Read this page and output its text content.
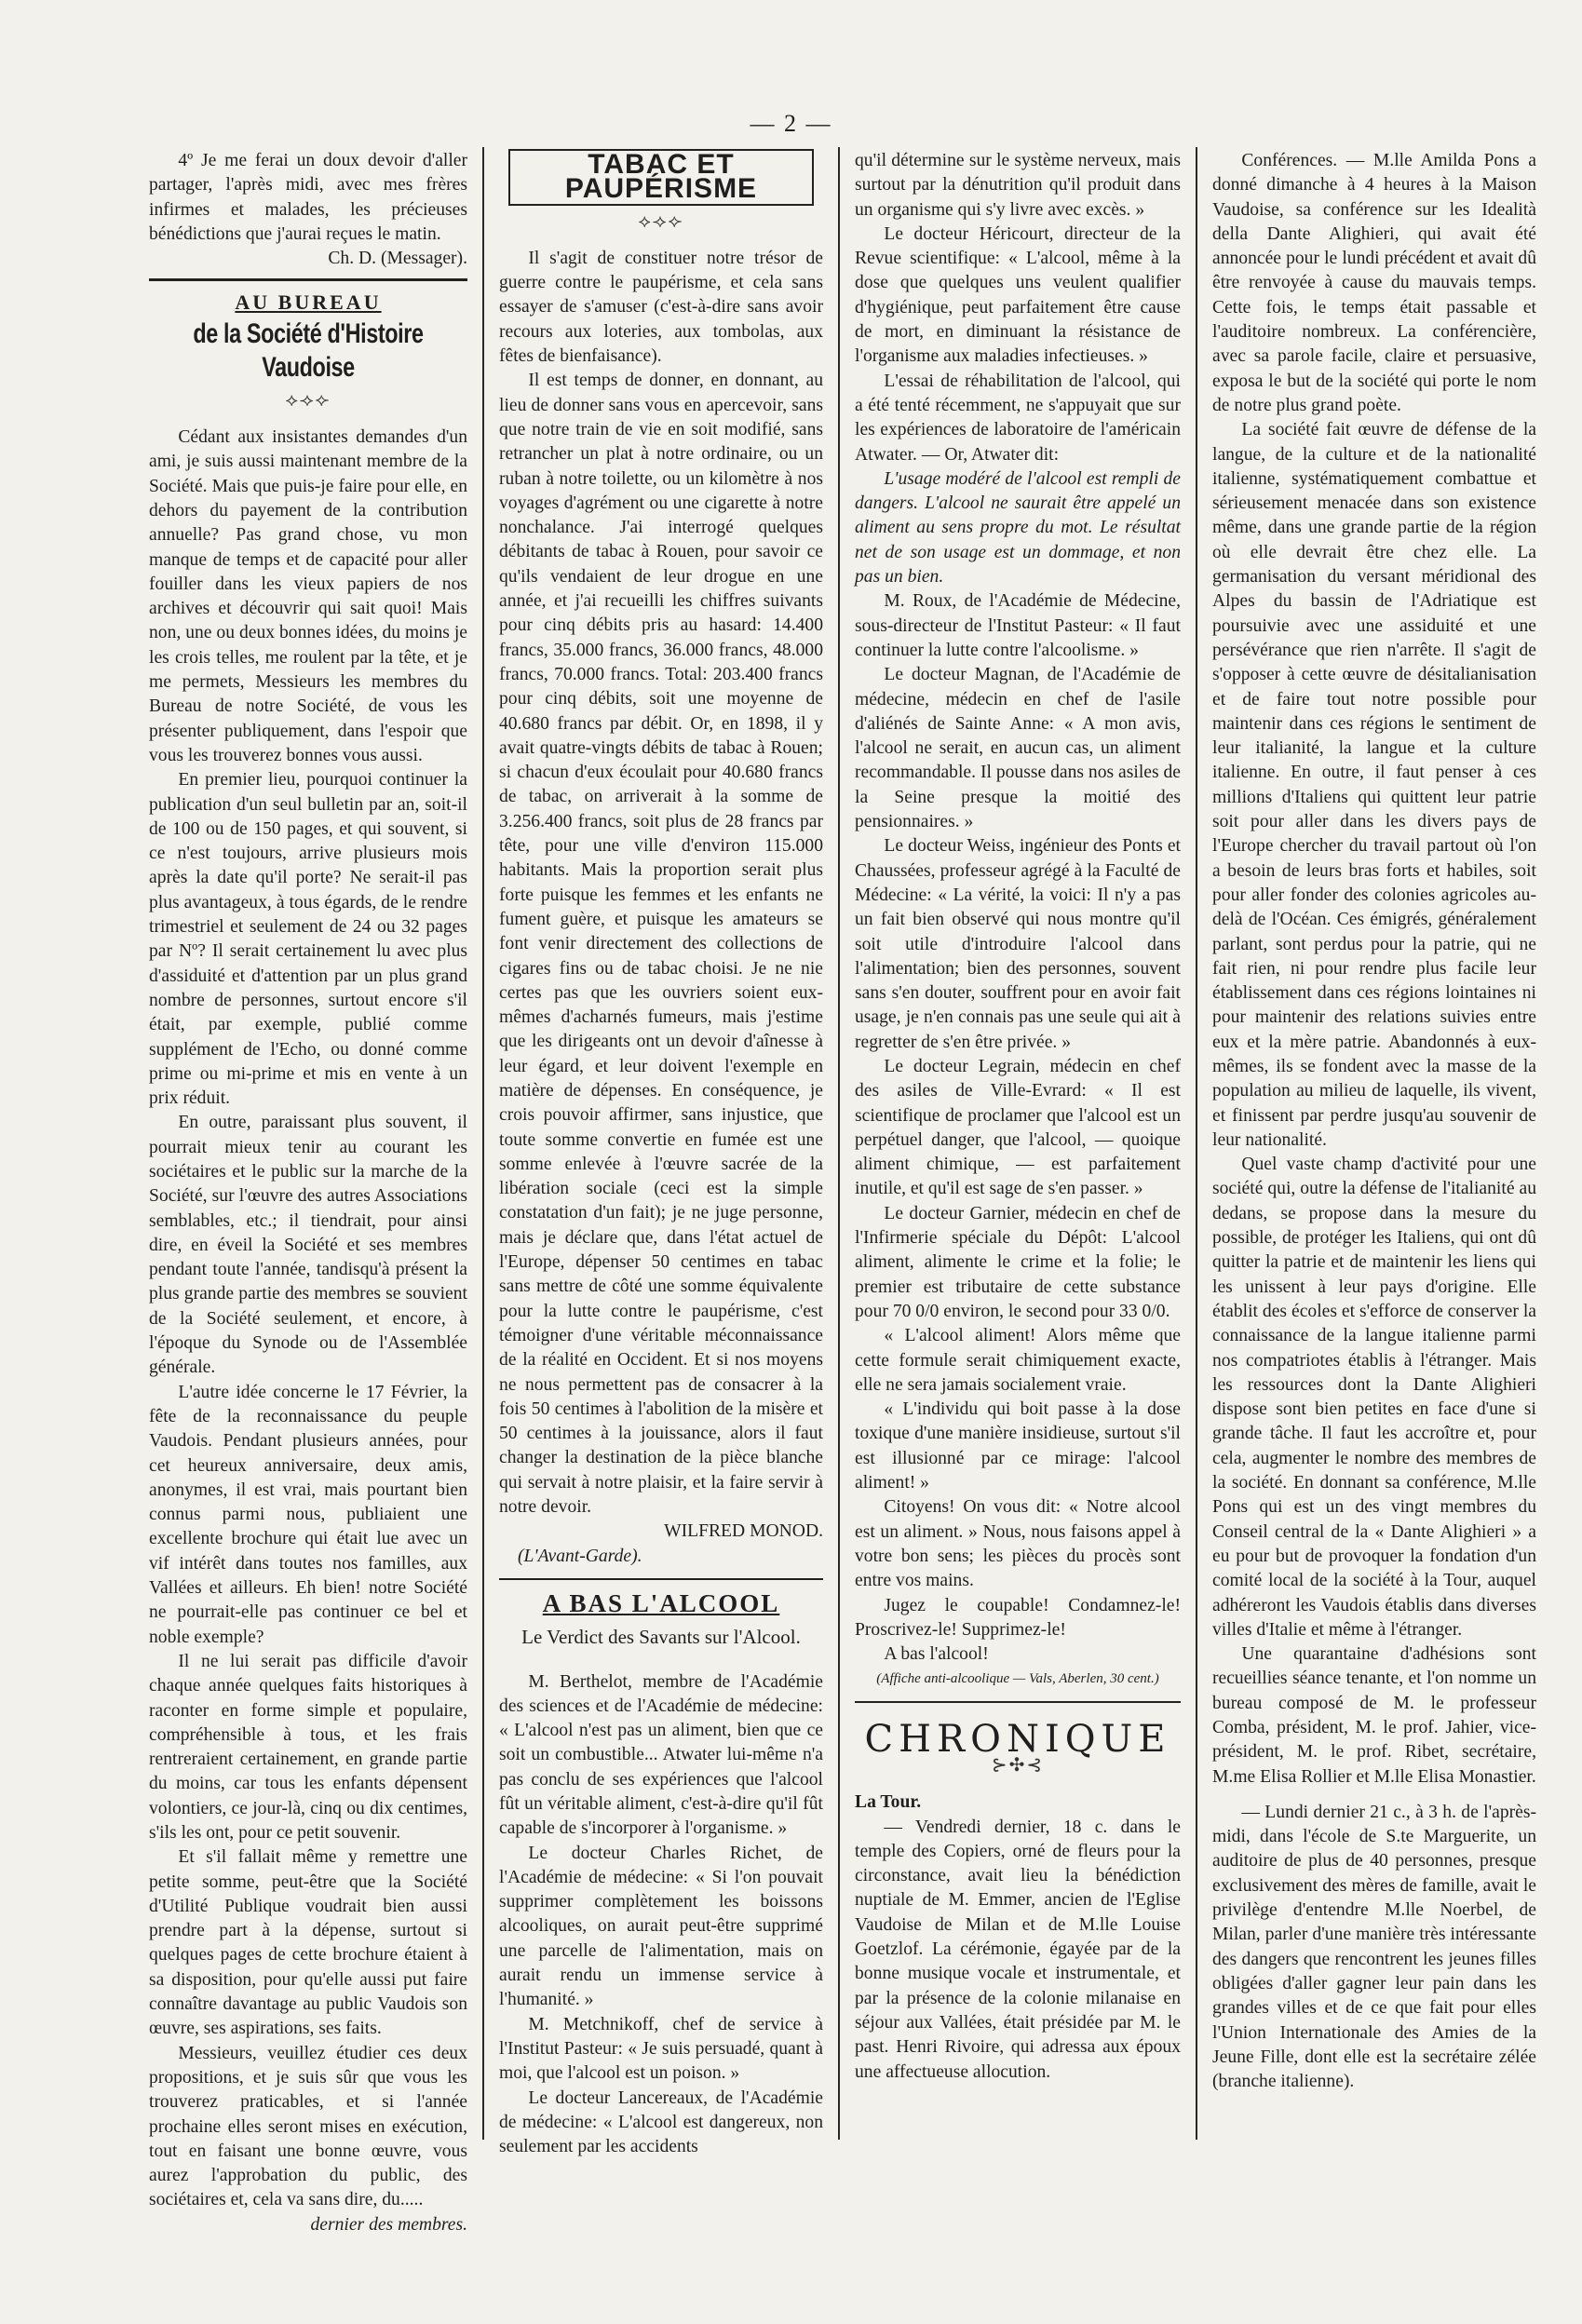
— 2 —

4º Je me ferai un doux devoir d'aller partager, l'après midi, avec mes frères infirmes et malades, les précieuses bénédictions que j'aurai reçues le matin.

Ch. D. (Messager).

AU BUREAU
de la Société d'Histoire Vaudoise
⟡⟢⟣

Cédant aux insistantes demandes d'un ami, je suis aussi maintenant membre de la Société. Mais que puis-je faire pour elle, en dehors du payement de la contribution annuelle? Pas grand chose, vu mon manque de temps et de capacité pour aller fouiller dans les vieux papiers de nos archives et découvrir qui sait quoi! Mais non, une ou deux bonnes idées, du moins je les crois telles, me roulent par la tête, et je me permets, Messieurs les membres du Bureau de notre Société, de vous les présenter publiquement, dans l'espoir que vous les trouverez bonnes vous aussi.

En premier lieu, pourquoi continuer la publication d'un seul bulletin par an, soit-il de 100 ou de 150 pages, et qui souvent, si ce n'est toujours, arrive plusieurs mois après la date qu'il porte? Ne serait-il pas plus avantageux, à tous égards, de le rendre trimestriel et seulement de 24 ou 32 pages par Nº? Il serait certainement lu avec plus d'assiduité et d'attention par un plus grand nombre de personnes, surtout encore s'il était, par exemple, publié comme supplément de l'Echo, ou donné comme prime ou mi-prime et mis en vente à un prix réduit.

En outre, paraissant plus souvent, il pourrait mieux tenir au courant les sociétaires et le public sur la marche de la Société, sur l'œuvre des autres Associations semblables, etc.; il tiendrait, pour ainsi dire, en éveil la Société et ses membres pendant toute l'année, tandisqu'à présent la plus grande partie des membres se souvient de la Société seulement, et encore, à l'époque du Synode ou de l'Assemblée générale.

L'autre idée concerne le 17 Février, la fête de la reconnaissance du peuple Vaudois. Pendant plusieurs années, pour cet heureux anniversaire, deux amis, anonymes, il est vrai, mais pourtant bien connus parmi nous, publiaient une excellente brochure qui était lue avec un vif intérêt dans toutes nos familles, aux Vallées et ailleurs. Eh bien! notre Société ne pourrait-elle pas continuer ce bel et noble exemple?

Il ne lui serait pas difficile d'avoir chaque année quelques faits historiques à raconter en forme simple et populaire, compréhensible à tous, et les frais rentreraient certainement, en grande partie du moins, car tous les enfants dépensent volontiers, ce jour-là, cinq ou dix centimes, s'ils les ont, pour ce petit souvenir.

Et s'il fallait même y remettre une petite somme, peut-être que la Société d'Utilité Publique voudrait bien aussi prendre part à la dépense, surtout si quelques pages de cette brochure étaient à sa disposition, pour qu'elle aussi put faire connaître davantage au public Vaudois son œuvre, ses aspirations, ses faits.

Messieurs, veuillez étudier ces deux propositions, et je suis sûr que vous les trouverez praticables, et si l'année prochaine elles seront mises en exécution, tout en faisant une bonne œuvre, vous aurez l'approbation du public, des sociétaires et, cela va sans dire, du.....

dernier des membres.

TABAC ET PAUPÉRISME
⟡⟢⟣

Il s'agit de constituer notre trésor de guerre contre le paupérisme, et cela sans essayer de s'amuser (c'est-à-dire sans avoir recours aux loteries, aux tombolas, aux fêtes de bienfaisance).

Il est temps de donner, en donnant, au lieu de donner sans vous en apercevoir, sans que notre train de vie en soit modifié, sans retrancher un plat à notre ordinaire, ou un ruban à notre toilette, ou un kilomètre à nos voyages d'agrément ou une cigarette à notre nonchalance. J'ai interrogé quelques débitants de tabac à Rouen, pour savoir ce qu'ils vendaient de leur drogue en une année, et j'ai recueilli les chiffres suivants pour cinq débits pris au hasard: 14.400 francs, 35.000 francs, 36.000 francs, 48.000 francs, 70.000 francs. Total: 203.400 francs pour cinq débits, soit une moyenne de 40.680 francs par débit. Or, en 1898, il y avait quatre-vingts débits de tabac à Rouen; si chacun d'eux écoulait pour 40.680 francs de tabac, on arriverait à la somme de 3.256.400 francs, soit plus de 28 francs par tête, pour une ville d'environ 115.000 habitants. Mais la proportion serait plus forte puisque les femmes et les enfants ne fument guère, et puisque les amateurs se font venir directement des collections de cigares fins ou de tabac choisi. Je ne nie certes pas que les ouvriers soient eux-mêmes d'acharnés fumeurs, mais j'estime que les dirigeants ont un devoir d'aînesse à leur égard, et leur doivent l'exemple en matière de dépenses. En conséquence, je crois pouvoir affirmer, sans injustice, que toute somme convertie en fumée est une somme enlevée à l'œuvre sacrée de la libération sociale (ceci est la simple constatation d'un fait); je ne juge personne, mais je déclare que, dans l'état actuel de l'Europe, dépenser 50 centimes en tabac sans mettre de côté une somme équivalente pour la lutte contre le paupérisme, c'est témoigner d'une véritable méconnaissance de la réalité en Occident. Et si nos moyens ne nous permettent pas de consacrer à la fois 50 centimes à l'abolition de la misère et 50 centimes à la jouissance, alors il faut changer la destination de la pièce blanche qui servait à notre plaisir, et la faire servir à notre devoir.

WILFRED MONOD.

(L'Avant-Garde).

A BAS L'ALCOOL
Le Verdict des Savants sur l'Alcool.

M. Berthelot, membre de l'Académie des sciences et de l'Académie de médecine: « L'alcool n'est pas un aliment, bien que ce soit un combustible... Atwater lui-même n'a pas conclu de ses expériences que l'alcool fût un véritable aliment, c'est-à-dire qu'il fût capable de s'incorporer à l'organisme. »

Le docteur Charles Richet, de l'Académie de médecine: « Si l'on pouvait supprimer complètement les boissons alcooliques, on aurait peut-être supprimé une parcelle de l'alimentation, mais on aurait rendu un immense service à l'humanité. »

M. Metchnikoff, chef de service à l'Institut Pasteur: « Je suis persuadé, quant à moi, que l'alcool est un poison. »

Le docteur Lancereaux, de l'Académie de médecine: « L'alcool est dangereux, non seulement par les accidents

qu'il détermine sur le système nerveux, mais surtout par la dénutrition qu'il produit dans un organisme qui s'y livre avec excès. »

Le docteur Héricourt, directeur de la Revue scientifique: « L'alcool, même à la dose que quelques uns veulent qualifier d'hygiénique, peut parfaitement être cause de mort, en diminuant la résistance de l'organisme aux maladies infectieuses. »

L'essai de réhabilitation de l'alcool, qui a été tenté récemment, ne s'appuyait que sur les expériences de laboratoire de l'américain Atwater. — Or, Atwater dit:

L'usage modéré de l'alcool est rempli de dangers. L'alcool ne saurait être appelé un aliment au sens propre du mot. Le résultat net de son usage est un dommage, et non pas un bien.

M. Roux, de l'Académie de Médecine, sous-directeur de l'Institut Pasteur: « Il faut continuer la lutte contre l'alcoolisme. »

Le docteur Magnan, de l'Académie de médecine, médecin en chef de l'asile d'aliénés de Sainte Anne: « A mon avis, l'alcool ne serait, en aucun cas, un aliment recommandable. Il pousse dans nos asiles de la Seine presque la moitié des pensionnaires. »

Le docteur Weiss, ingénieur des Ponts et Chaussées, professeur agrégé à la Faculté de Médecine: « La vérité, la voici: Il n'y a pas un fait bien observé qui nous montre qu'il soit utile d'introduire l'alcool dans l'alimentation; bien des personnes, souvent sans s'en douter, souffrent pour en avoir fait usage, je n'en connais pas une seule qui ait à regretter de s'en être privée. »

Le docteur Legrain, médecin en chef des asiles de Ville-Evrard: « Il est scientifique de proclamer que l'alcool est un perpétuel danger, que l'alcool, — quoique aliment chimique, — est parfaitement inutile, et qu'il est sage de s'en passer. »

Le docteur Garnier, médecin en chef de l'Infirmerie spéciale du Dépôt: L'alcool aliment, alimente le crime et la folie; le premier est tributaire de cette substance pour 70 0/0 environ, le second pour 33 0/0.

« L'alcool aliment! Alors même que cette formule serait chimiquement exacte, elle ne sera jamais socialement vraie.

« L'individu qui boit passe à la dose toxique d'une manière insidieuse, surtout s'il est illusionné par ce mirage: l'alcool aliment! »

Citoyens! On vous dit: « Notre alcool est un aliment. » Nous, nous faisons appel à votre bon sens; les pièces du procès sont entre vos mains.

Jugez le coupable! Condamnez-le! Proscrivez-le! Supprimez-le!

A bas l'alcool!

(Affiche anti-alcoolique — Vals, Aberlen, 30 cent.)

CHRONIQUE
⊱✣⊰

La Tour.

— Vendredi dernier, 18 c. dans le temple des Copiers, orné de fleurs pour la circonstance, avait lieu la bénédiction nuptiale de M. Emmer, ancien de l'Eglise Vaudoise de Milan et de M.lle Louise Goetzlof. La cérémonie, égayée par de la bonne musique vocale et instrumentale, et par la présence de la colonie milanaise en séjour aux Vallées, était présidée par M. le past. Henri Rivoire, qui adressa aux époux une affectueuse allocution.

Conférences. — M.lle Amilda Pons a donné dimanche à 4 heures à la Maison Vaudoise, sa conférence sur les Idealità della Dante Alighieri, qui avait été annoncée pour le lundi précédent et avait dû être renvoyée à cause du mauvais temps. Cette fois, le temps était passable et l'auditoire nombreux. La conférencière, avec sa parole facile, claire et persuasive, exposa le but de la société qui porte le nom de notre plus grand poète.

La société fait œuvre de défense de la langue, de la culture et de la nationalité italienne, systématiquement combattue et sérieusement menacée dans son existence même, dans une grande partie de la région où elle devrait être chez elle. La germanisation du versant méridional des Alpes du bassin de l'Adriatique est poursuivie avec une assiduité et une persévérance que rien n'arrête. Il s'agit de s'opposer à cette œuvre de désitalianisation et de faire tout notre possible pour maintenir dans ces régions le sentiment de leur italianité, la langue et la culture italienne. En outre, il faut penser à ces millions d'Italiens qui quittent leur patrie soit pour aller dans les divers pays de l'Europe chercher du travail partout où l'on a besoin de leurs bras forts et habiles, soit pour aller fonder des colonies agricoles au-delà de l'Océan. Ces émigrés, généralement parlant, sont perdus pour la patrie, qui ne fait rien, ni pour rendre plus facile leur établissement dans ces régions lointaines ni pour maintenir des relations suivies entre eux et la mère patrie. Abandonnés à eux-mêmes, ils se fondent avec la masse de la population au milieu de laquelle, ils vivent, et finissent par perdre jusqu'au souvenir de leur nationalité.

Quel vaste champ d'activité pour une société qui, outre la défense de l'italianité au dedans, se propose dans la mesure du possible, de protéger les Italiens, qui ont dû quitter la patrie et de maintenir les liens qui les unissent à leur pays d'origine. Elle établit des écoles et s'efforce de conserver la connaissance de la langue italienne parmi nos compatriotes établis à l'étranger. Mais les ressources dont la Dante Alighieri dispose sont bien petites en face d'une si grande tâche. Il faut les accroître et, pour cela, augmenter le nombre des membres de la société. En donnant sa conférence, M.lle Pons qui est un des vingt membres du Conseil central de la « Dante Alighieri » a eu pour but de provoquer la fondation d'un comité local de la société à la Tour, auquel adhéreront les Vaudois établis dans diverses villes d'Italie et même à l'étranger.

Une quarantaine d'adhésions sont recueillies séance tenante, et l'on nomme un bureau composé de M. le professeur Comba, président, M. le prof. Jahier, vice-président, M. le prof. Ribet, secrétaire, M.me Elisa Rollier et M.lle Elisa Monastier.

— Lundi dernier 21 c., à 3 h. de l'après-midi, dans l'école de S.te Marguerite, un auditoire de plus de 40 personnes, presque exclusivement des mères de famille, avait le privilège d'entendre M.lle Noerbel, de Milan, parler d'une manière très intéressante des dangers que rencontrent les jeunes filles obligées d'aller gagner leur pain dans les grandes villes et de ce que fait pour elles l'Union Internationale des Amies de la Jeune Fille, dont elle est la secrétaire zélée (branche italienne).
